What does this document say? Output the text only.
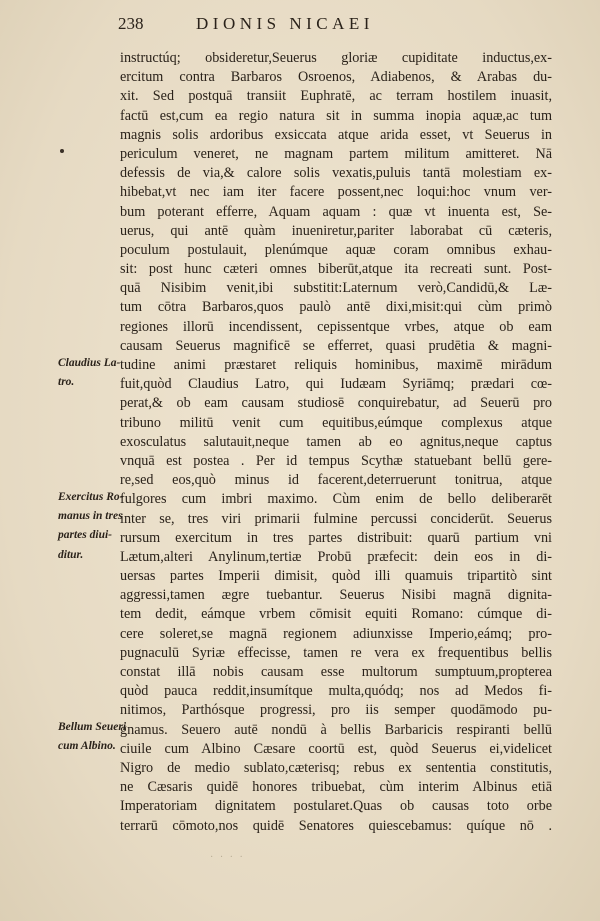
238	DIONIS NICAEI
Claudius La-
tro.
Exercitus Ro-
manus in tres
partes diui-
ditur.
Bellum Seueri
cum Albino.
instructúq; obsideretur,Seuerus gloriæ cupiditate inductus,ex-
ercitum contra Barbaros Osroenos, Adiabenos, & Arabas du-
xit. Sed postquā transiit Euphratē, ac terram hostilem inuasit,
factū est,cum ea regio natura sit in summa inopia aquæ,ac tum
magnis solis ardoribus exsiccata atque arida esset, vt Seuerus in
periculum veneret, ne magnam partem militum amitteret. Nā
defessis de via,& calore solis vexatis,puluis tantā molestiam ex-
hibebat,vt nec iam iter facere possent,nec loqui:hoc vnum ver-
bum poterant efferre, Aquam aquam : quæ vt inuenta est, Se-
uerus, qui antē quàm inueniretur,pariter laborabat cū cæteris,
poculum postulauit, plenúmque aquæ coram omnibus exhau-
sit: post hunc cæteri omnes biberūt,atque ita recreati sunt. Post-
quā Nisibim venit,ibi substitit:Laternum verò,Candidū,& Læ-
tum cōtra Barbaros,quos paulò antē dixi,misit:qui cùm primò
regiones illorū incendissent, cepissentque vrbes, atque ob eam
causam Seuerus magnificē se efferret, quasi prudētia & magni-
tudine animi præstaret reliquis hominibus, maximē mirādum
fuit,quòd Claudius Latro, qui Iudæam Syriāmq; prædari cœ-
perat,& ob eam causam studiosē conquirebatur, ad Seuerū pro
tribuno militū venit cum equitibus,eúmque complexus atque
exosculatus salutauit,neque tamen ab eo agnitus,neque captus
vnquā est postea . Per id tempus Scythæ statuebant bellū gere-
re,sed eos,quò minus id facerent,deterruerunt tonitrua, atque
fulgores cum imbri maximo. Cùm enim de bello deliberarēt
inter se, tres viri primarii fulmine percussi conciderūt. Seuerus
rursum exercitum in tres partes distribuit: quarū partium vni
Lætum,alteri Anylinum,tertiæ Probū præfecit: dein eos in di-
uersas partes Imperii dimisit, quòd illi quamuis tripartitò sint
aggressi,tamen ægre tuebantur. Seuerus Nisibi magnā dignita-
tem dedit, eámque vrbem cōmisit equiti Romano: cúmque di-
cere soleret,se magnā regionem adiunxisse Imperio,eámq; pro-
pugnaculū Syriæ effecisse, tamen re vera ex frequentibus bellis
constat illā nobis causam esse multorum sumptuum,propterea
quòd pauca reddit,insumítque multa,quódq; nos ad Medos fi-
nitimos, Parthósque progressi, pro iis semper quodāmodo pu-
gnamus. Seuero autē nondū à bellis Barbaricis respiranti bellū
ciuile cum Albino Cæsare coortū est, quòd Seuerus ei,videlicet
Nigro de medio sublato,cæterisq; rebus ex sententia constitutis,
ne Cæsaris quidē honores tribuebat, cùm interim Albinus etiā
Imperatoriam dignitatem postularet.Quas ob causas toto orbe
terrarū cōmoto,nos quidē Senatores quiescebamus: quíque nō .
· · · ·
